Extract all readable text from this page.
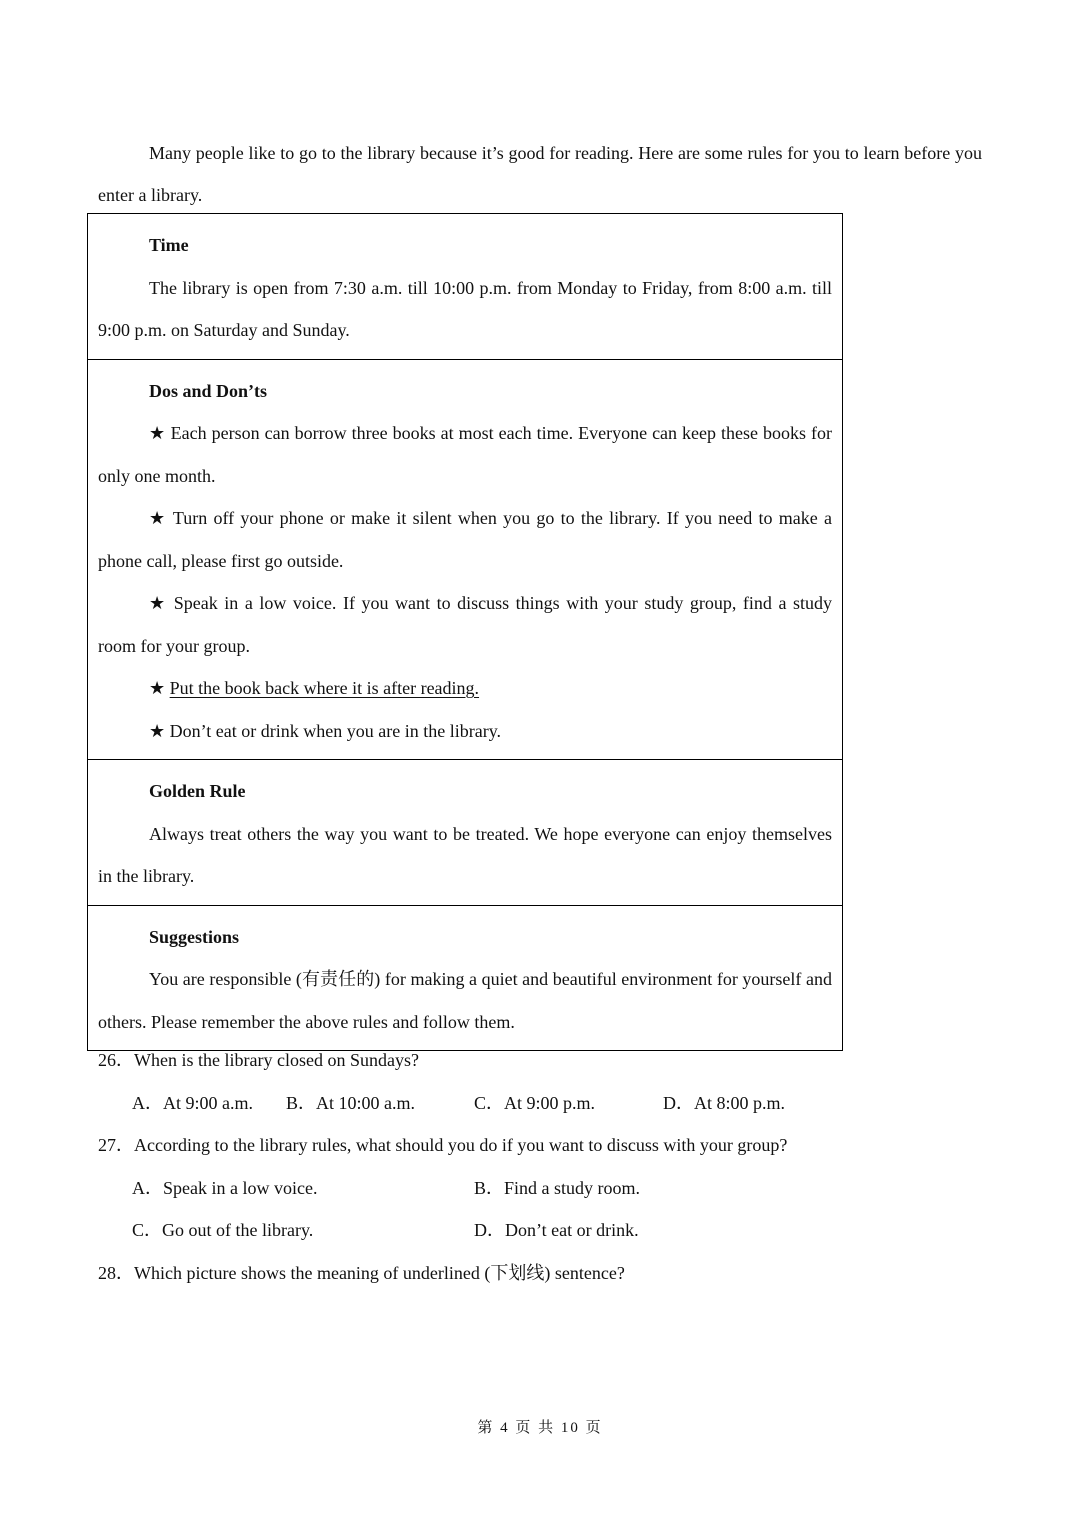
Many people like to go to the library because it’s good for reading. Here are some rules for you to learn before you enter a library.

Time

The library is open from 7:30 a.m. till 10:00 p.m. from Monday to Friday, from 8:00 a.m. till 9:00 p.m. on Saturday and Sunday.

Dos and Don’ts

★ Each person can borrow three books at most each time. Everyone can keep these books for only one month.

★ Turn off your phone or make it silent when you go to the library. If you need to make a phone call, please first go outside.

★ Speak in a low voice. If you want to discuss things with your study group, find a study room for your group.

★ Put the book back where it is after reading.

★ Don’t eat or drink when you are in the library.

Golden Rule

Always treat others the way you want to be treated. We hope everyone can enjoy themselves in the library.

Suggestions

You are responsible (有责任的) for making a quiet and beautiful environment for yourself and others. Please remember the above rules and follow them.

26．When is the library closed on Sundays?

A．At 9:00 a.m. B．At 10:00 a.m.	C．At 9:00 p.m.	D．At 8:00 p.m.

27．According to the library rules, what should you do if you want to discuss with your group?

A．Speak in a low voice.	B．Find a study room.
C．Go out of the library.	D．Don’t eat or drink.

28．Which picture shows the meaning of underlined (下划线) sentence?

第 4 页 共 10 页
